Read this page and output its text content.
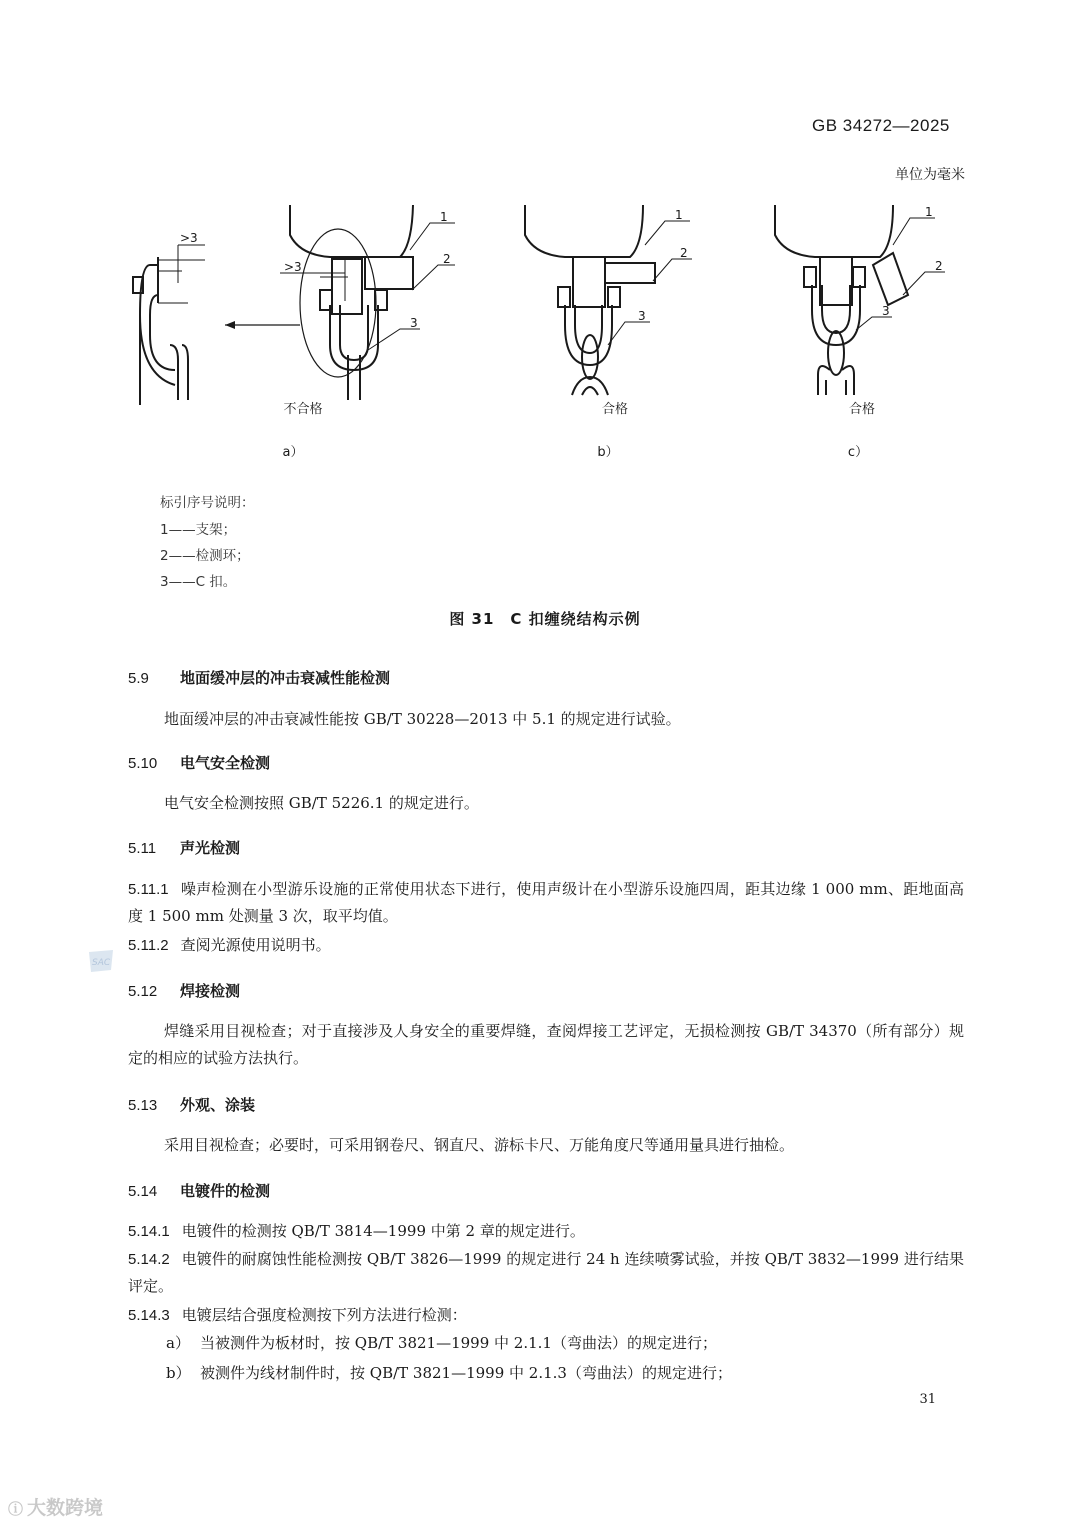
GB 34272—2025
单位为毫米
>3
>3
1
2
3
1
2
3
1
2
3
不合格	合格	合格
a）	b）	c）
标引序号说明：
1——支架；
2——检测环；
3——C 扣。
图 31　C 扣缠绕结构示例
5.9 地面缓冲层的冲击衰减性能检测
地面缓冲层的冲击衰减性能按 GB/T 30228—2013 中 5.1 的规定进行试验。
5.10 电气安全检测
电气安全检测按照 GB/T 5226.1 的规定进行。
5.11 声光检测
5.11.1 噪声检测在小型游乐设施的正常使用状态下进行，使用声级计在小型游乐设施四周，距其边缘 1 000 mm、距地面高度 1 500 mm 处测量 3 次，取平均值。
5.11.2 查阅光源使用说明书。
SAC
5.12 焊接检测
焊缝采用目视检查；对于直接涉及人身安全的重要焊缝，查阅焊接工艺评定，无损检测按 GB/T 34370（所有部分）规定的相应的试验方法执行。
5.13 外观、涂装
采用目视检查；必要时，可采用钢卷尺、钢直尺、游标卡尺、万能角度尺等通用量具进行抽检。
5.14 电镀件的检测
5.14.1 电镀件的检测按 QB/T 3814—1999 中第 2 章的规定进行。
5.14.2 电镀件的耐腐蚀性能检测按 QB/T 3826—1999 的规定进行 24 h 连续喷雾试验，并按 QB/T 3832—1999 进行结果评定。
5.14.3 电镀层结合强度检测按下列方法进行检测：
a） 当被测件为板材时，按 QB/T 3821—1999 中 2.1.1（弯曲法）的规定进行；
b） 被测件为线材制件时，按 QB/T 3821—1999 中 2.1.3（弯曲法）的规定进行；
31
ⓘ 大数跨境
